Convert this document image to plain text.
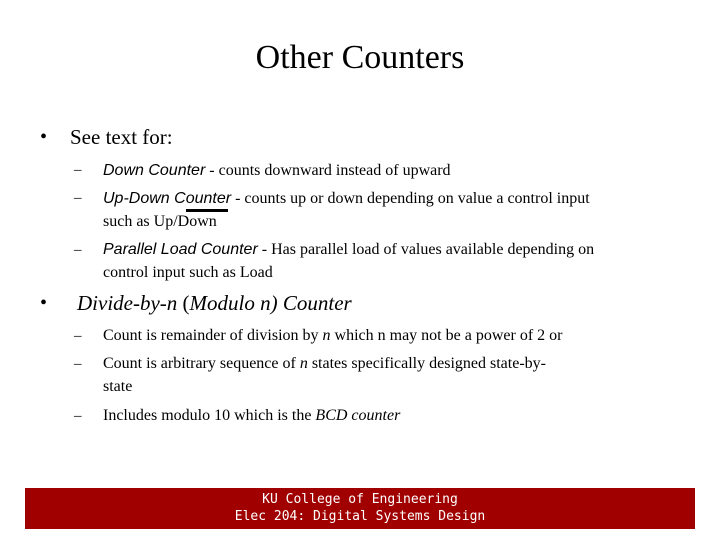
Other Counters
• See text for:
– Down Counter - counts downward instead of upward
– Up-Down Counter - counts up or down depending on value a control input
such as Up/Down
– Parallel Load Counter - Has parallel load of values available depending on
control input such as Load
• Divide-by-n (Modulo n) Counter
– Count is remainder of division by n which n may not be a power of 2 or
– Count is arbitrary sequence of n states specifically designed state-by-
state
– Includes modulo 10 which is the BCD counter
KU College of Engineering
Elec 204: Digital Systems Design
